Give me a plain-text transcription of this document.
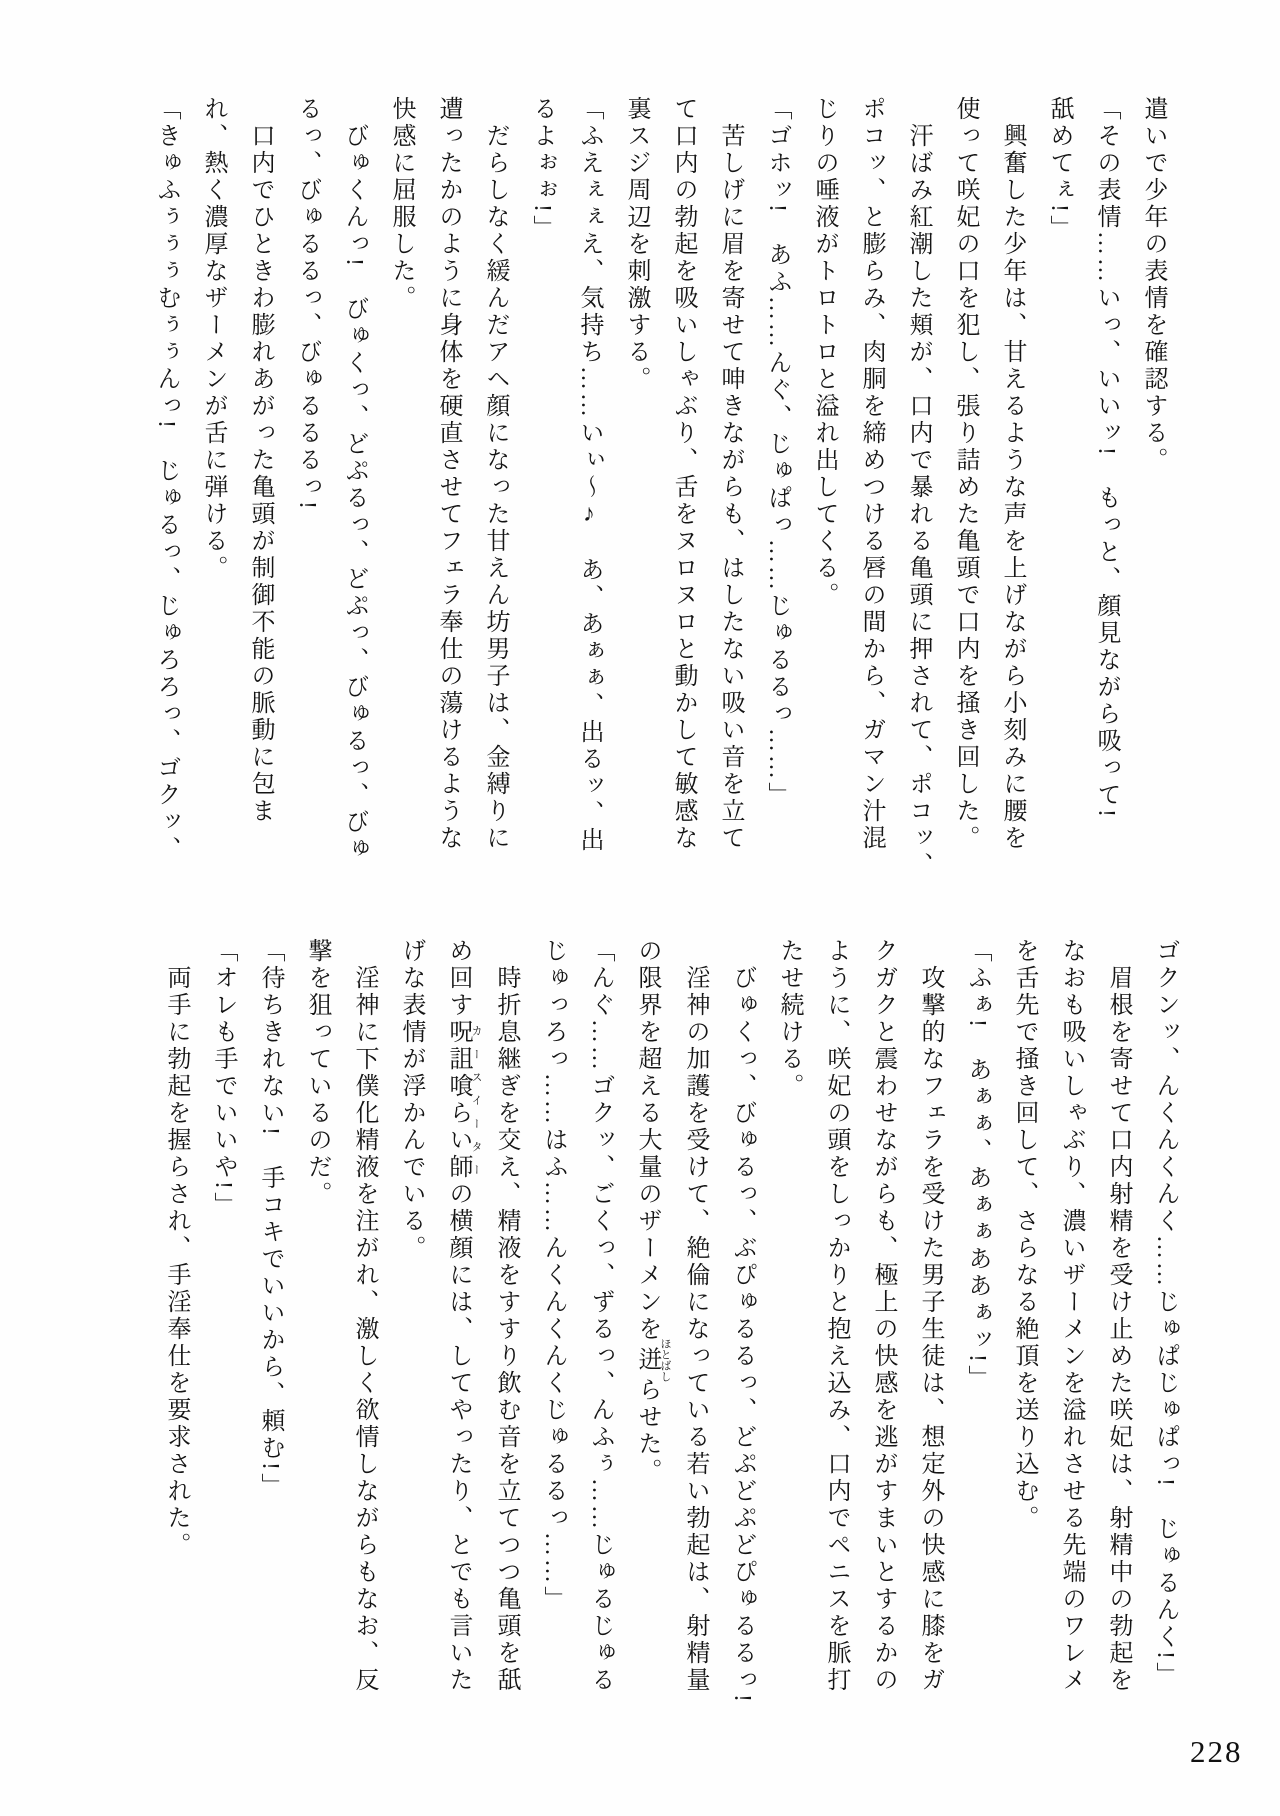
遣いで少年の表情を確認する。

「その表情……いっ、いいッ!　もっと、顔見ながら吸って!

舐めてぇ!」

興奮した少年は、甘えるような声を上げながら小刻みに腰を

使って咲妃の口を犯し、張り詰めた亀頭で口内を掻き回した。

汗ばみ紅潮した頬が、口内で暴れる亀頭に押されて、ポコッ、

ポコッ、と膨らみ、肉胴を締めつける唇の間から、ガマン汁混

じりの唾液がトロトロと溢れ出してくる。

「ゴホッ!　あふ……んぐ、じゅぱっ……じゅるるっ……」

苦しげに眉を寄せて呻きながらも、はしたない吸い音を立て

て口内の勃起を吸いしゃぶり、舌をヌロヌロと動かして敏感な

裏スジ周辺を刺激する。

「ふえぇぇえ、気持ち……いぃ〜♪　あ、あぁぁ、出るッ、出

るよぉぉ!」

だらしなく緩んだアヘ顔になった甘えん坊男子は、金縛りに

遭ったかのように身体を硬直させてフェラ奉仕の蕩けるような

快感に屈服した。

びゅくんっ!　びゅくっ、どぷるっ、どぷっ、びゅるっ、びゅ

るっ、びゅるるっ、びゅるるるっ!

口内でひときわ膨れあがった亀頭が制御不能の脈動に包ま

れ、熱く濃厚なザーメンが舌に弾ける。

「きゅふぅぅぅむぅぅんっ!　じゅるっ、じゅろろっ、ゴクッ、

ゴクンッ、んくんくんく……じゅぱじゅぱっ!　じゅるんく!」

眉根を寄せて口内射精を受け止めた咲妃は、射精中の勃起を

なおも吸いしゃぶり、濃いザーメンを溢れさせる先端のワレメ

を舌先で掻き回して、さらなる絶頂を送り込む。

「ふぁ!　あぁぁ、あぁぁああぁッ!」

攻撃的なフェラを受けた男子生徒は、想定外の快感に膝をガ

クガクと震わせながらも、極上の快感を逃がすまいとするかの

ように、咲妃の頭をしっかりと抱え込み、口内でペニスを脈打

たせ続ける。

びゅくっ、びゅるっ、ぶぴゅるるっ、どぷどぷどぴゅるるっ!

淫神の加護を受けて、絶倫になっている若い勃起は、射精量

の限界を超える大量のザーメンを迸 ほとばしらせた。

「んぐ……ゴクッ、ごくっ、ずるっ、んふぅ……じゅるじゅる

じゅっろっ……はふ……んくんくんくじゅるるっ……」

時折息継ぎを交え、精液をすすり飲む音を立てつつ亀頭を舐

め回す呪詛喰らい師 カースイーターの横顔には、してやったり、とでも言いた

げな表情が浮かんでいる。

淫神に下僕化精液を注がれ、激しく欲情しながらもなお、反

撃を狙っているのだ。

「待ちきれない!　手コキでいいから、頼む!」

「オレも手でいいや!」

両手に勃起を握らされ、手淫奉仕を要求された。

228
